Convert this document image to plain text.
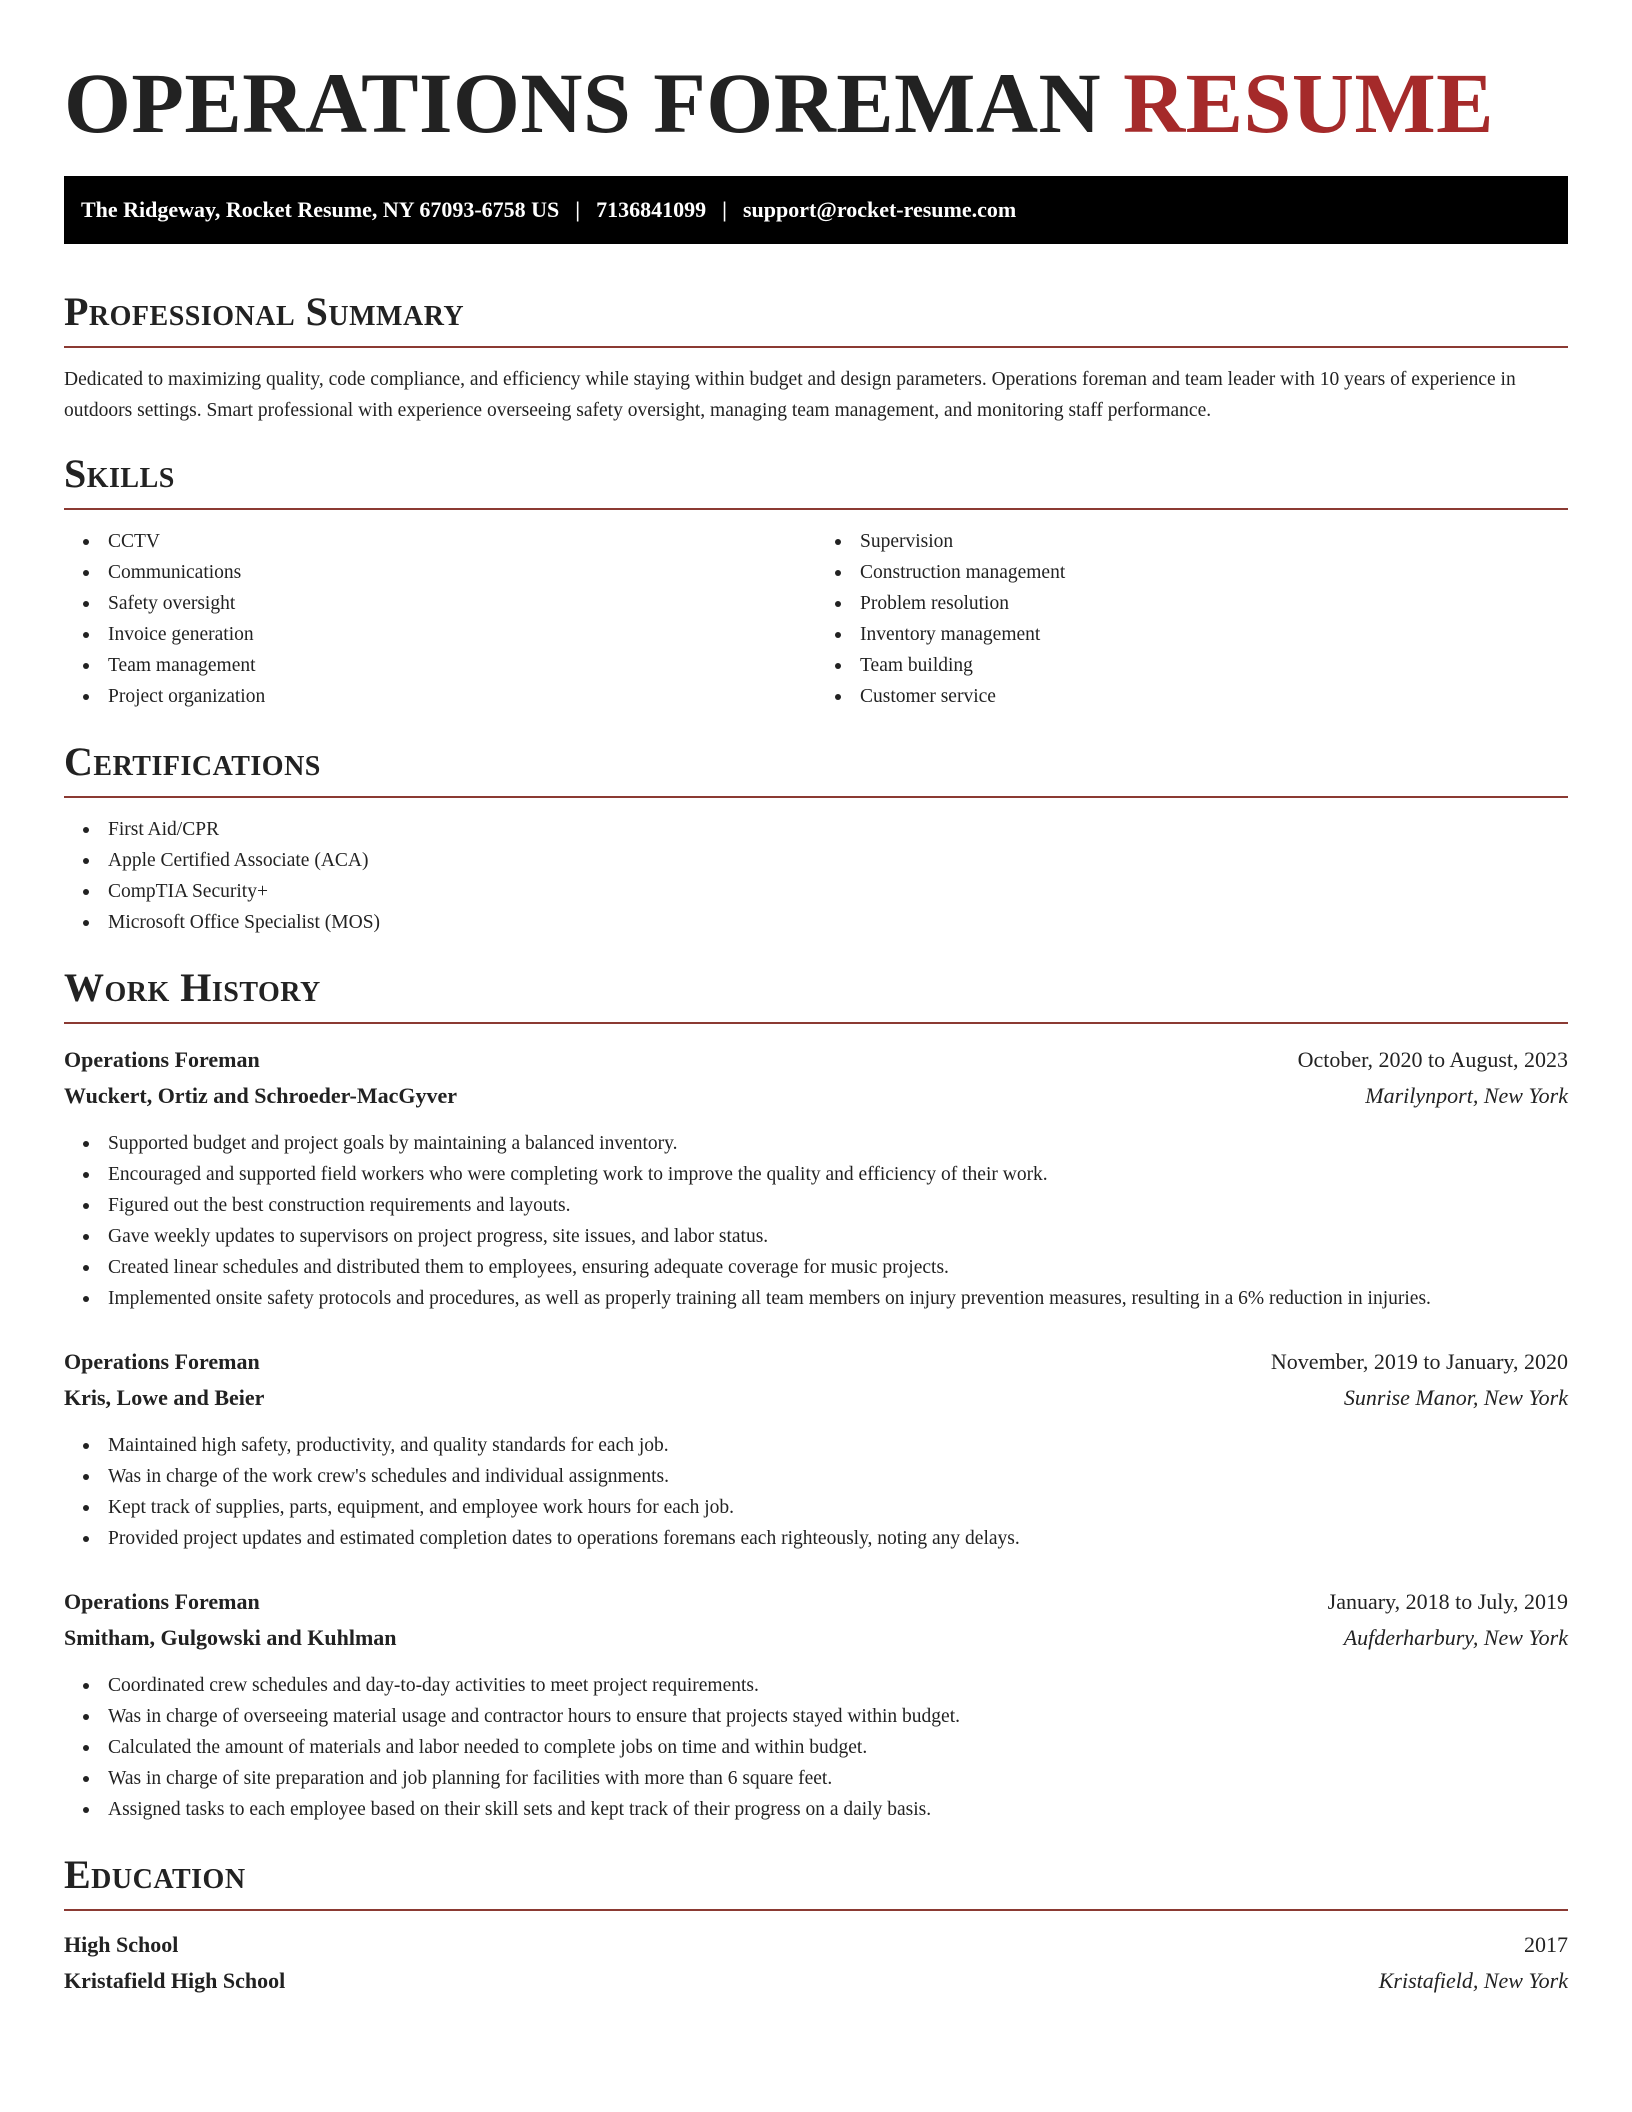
OPERATIONS FOREMAN RESUME
The Ridgeway, Rocket Resume, NY 67093-6758 US | 7136841099 | support@rocket-resume.com
Professional Summary

Dedicated to maximizing quality, code compliance, and efficiency while staying within budget and design parameters. Operations foreman and team leader with 10 years of experience in outdoors settings. Smart professional with experience overseeing safety oversight, managing team management, and monitoring staff performance.

Skills
CCTV
Communications
Safety oversight
Invoice generation
Team management
Project organization
Supervision
Construction management
Problem resolution
Inventory management
Team building
Customer service
Certifications
First Aid/CPR
Apple Certified Associate (ACA)
CompTIA Security+
Microsoft Office Specialist (MOS)
Work History
Operations Foreman	October, 2020 to August, 2023
Wuckert, Ortiz and Schroeder-MacGyver	Marilynport, New York
Supported budget and project goals by maintaining a balanced inventory.
Encouraged and supported field workers who were completing work to improve the quality and efficiency of their work.
Figured out the best construction requirements and layouts.
Gave weekly updates to supervisors on project progress, site issues, and labor status.
Created linear schedules and distributed them to employees, ensuring adequate coverage for music projects.
Implemented onsite safety protocols and procedures, as well as properly training all team members on injury prevention measures, resulting in a 6% reduction in injuries.
Operations Foreman	November, 2019 to January, 2020
Kris, Lowe and Beier	Sunrise Manor, New York
Maintained high safety, productivity, and quality standards for each job.
Was in charge of the work crew's schedules and individual assignments.
Kept track of supplies, parts, equipment, and employee work hours for each job.
Provided project updates and estimated completion dates to operations foremans each righteously, noting any delays.
Operations Foreman	January, 2018 to July, 2019
Smitham, Gulgowski and Kuhlman	Aufderharbury, New York
Coordinated crew schedules and day-to-day activities to meet project requirements.
Was in charge of overseeing material usage and contractor hours to ensure that projects stayed within budget.
Calculated the amount of materials and labor needed to complete jobs on time and within budget.
Was in charge of site preparation and job planning for facilities with more than 6 square feet.
Assigned tasks to each employee based on their skill sets and kept track of their progress on a daily basis.
Education
High School	2017
Kristafield High School	Kristafield, New York
